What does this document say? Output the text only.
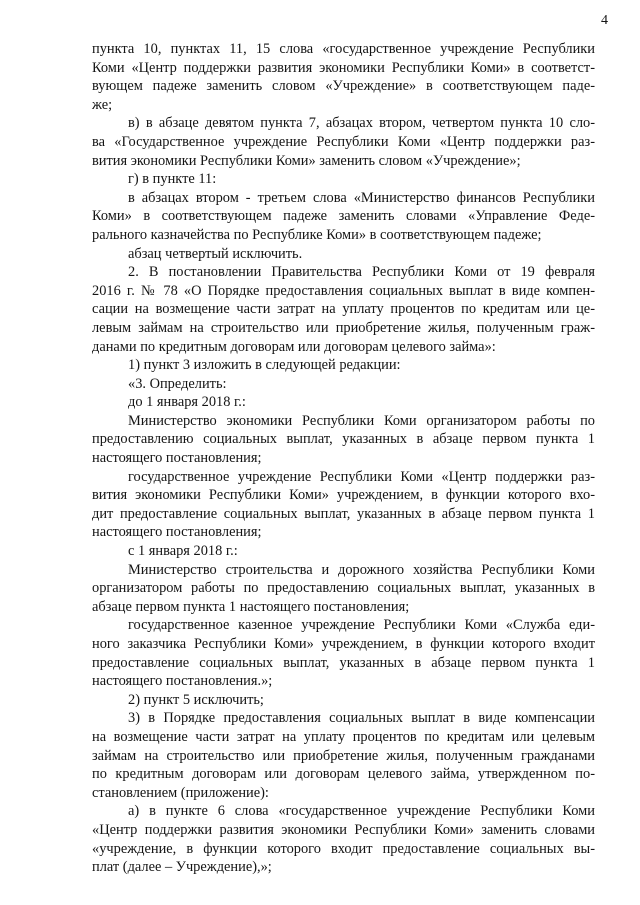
4
пункта 10, пунктах 11, 15 слова «государственное учреждение Республики
Коми «Центр поддержки развития экономики Республики Коми» в соответст-
вующем падеже заменить словом «Учреждение» в соответствующем паде-
же;
в) в абзаце девятом пункта 7, абзацах втором, четвертом пункта 10 сло-
ва «Государственное учреждение Республики Коми «Центр поддержки раз-
вития экономики Республики Коми» заменить словом «Учреждение»;
г) в пункте 11:
в абзацах втором - третьем слова «Министерство финансов Республики
Коми» в соответствующем падеже заменить словами «Управление Феде-
рального казначейства по Республике Коми» в соответствующем падеже;
абзац четвертый исключить.
2. В постановлении Правительства Республики Коми от 19 февраля
2016 г. № 78 «О Порядке предоставления социальных выплат в виде компен-
сации на возмещение части затрат на уплату процентов по кредитам или це-
левым займам на строительство или приобретение жилья, полученным граж-
данами по кредитным договорам или договорам целевого займа»:
1) пункт 3 изложить в следующей редакции:
«3. Определить:
до 1 января 2018 г.:
Министерство экономики Республики Коми организатором работы по
предоставлению социальных выплат, указанных в абзаце первом пункта 1
настоящего постановления;
государственное учреждение Республики Коми «Центр поддержки раз-
вития экономики Республики Коми» учреждением, в функции которого вхо-
дит предоставление социальных выплат, указанных в абзаце первом пункта 1
настоящего постановления;
с 1 января 2018 г.:
Министерство строительства и дорожного хозяйства Республики Коми
организатором работы по предоставлению социальных выплат, указанных в
абзаце первом пункта 1 настоящего постановления;
государственное казенное учреждение Республики Коми «Служба еди-
ного заказчика Республики Коми» учреждением, в функции которого входит
предоставление социальных выплат, указанных в абзаце первом пункта 1
настоящего постановления.»;
2) пункт 5 исключить;
3) в Порядке предоставления социальных выплат в виде компенсации
на возмещение части затрат на уплату процентов по кредитам или целевым
займам на строительство или приобретение жилья, полученным гражданами
по кредитным договорам или договорам целевого займа, утвержденном по-
становлением (приложение):
а) в пункте 6 слова «государственное учреждение Республики Коми
«Центр поддержки развития экономики Республики Коми» заменить словами
«учреждение, в функции которого входит предоставление социальных вы-
плат (далее – Учреждение),»;
